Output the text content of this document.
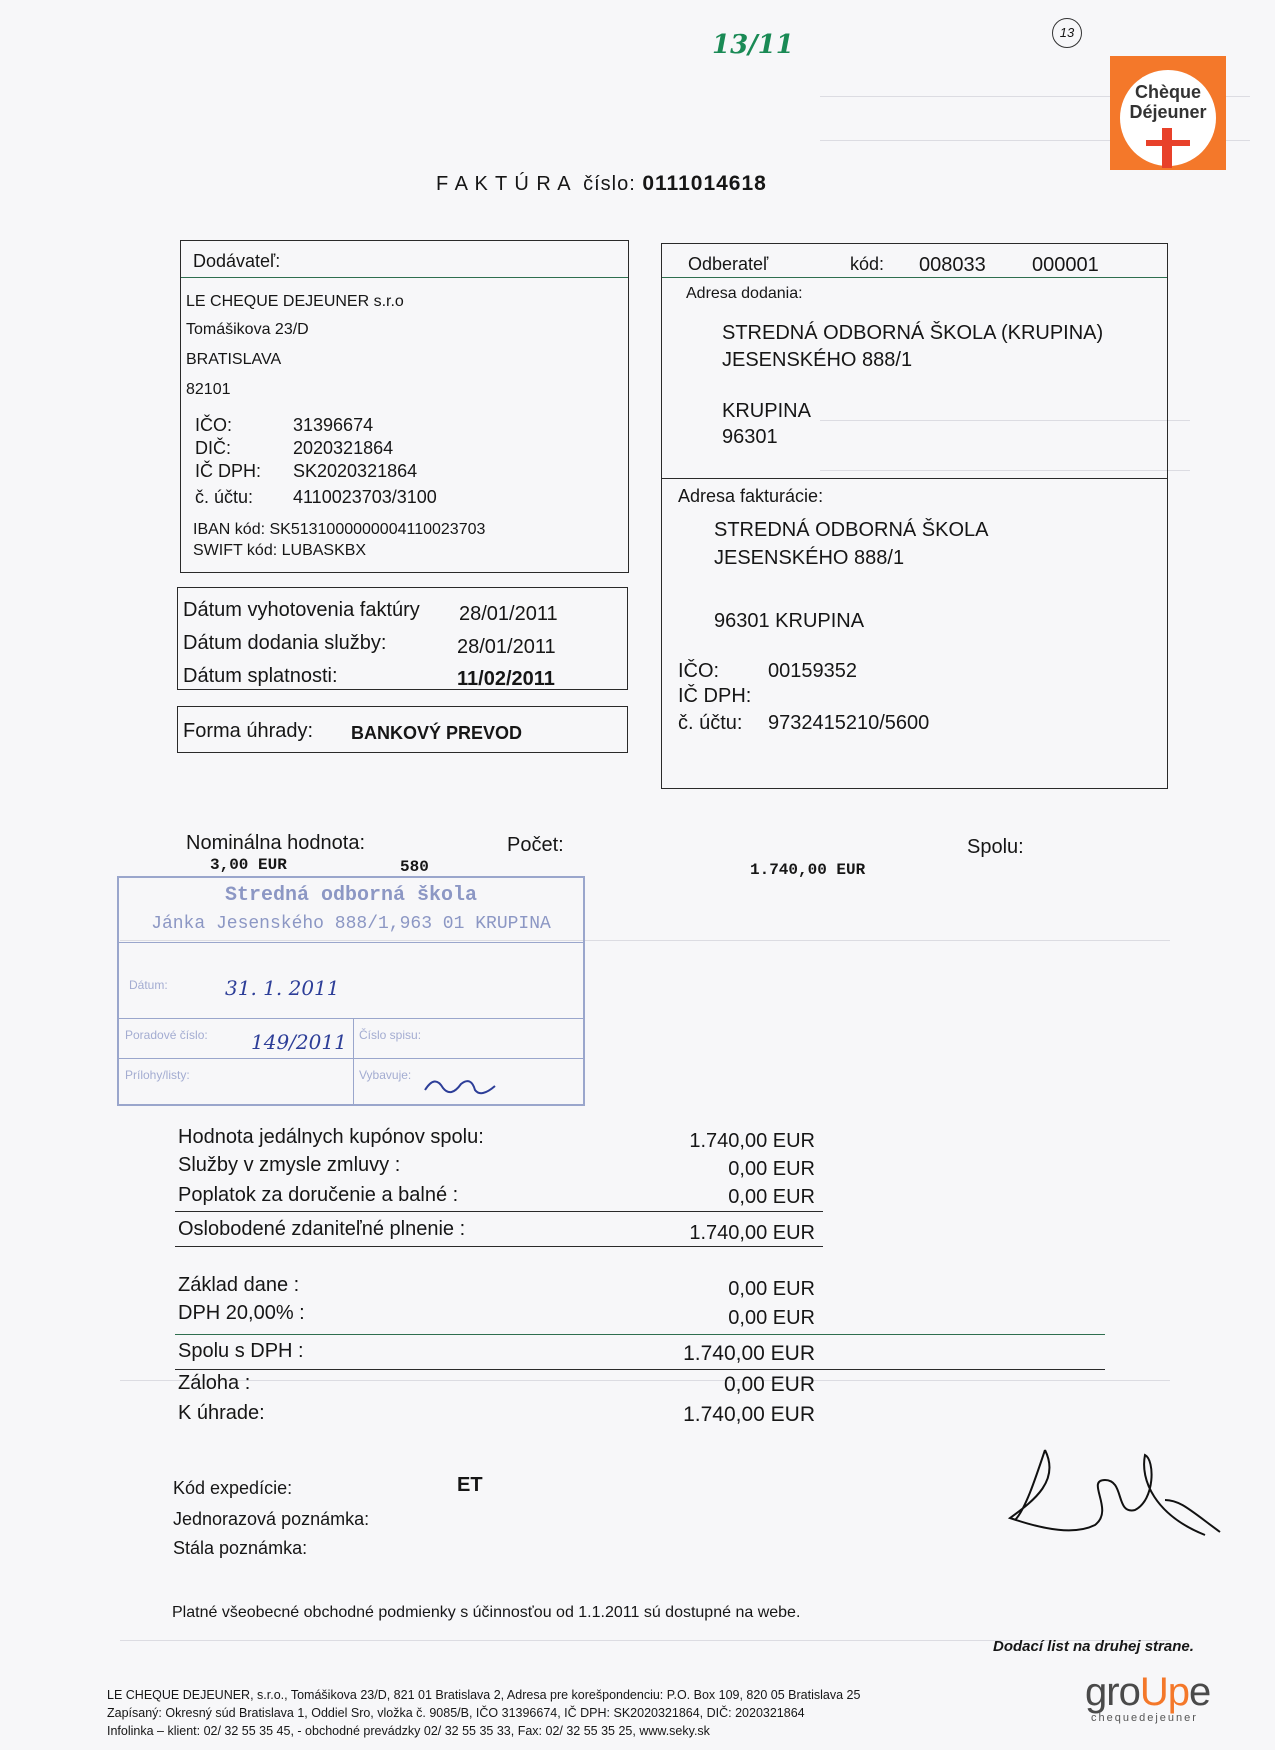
13/11	13
Chèque
Déjeuner
F A K T Ú R A číslo: 0111014618
Dodávateľ:
LE CHEQUE DEJEUNER s.r.o
Tomášikova 23/D
BRATISLAVA
82101
IČO:	31396674
DIČ:	2020321864
IČ DPH: SK2020321864
č. účtu: 4110023703/3100
IBAN kód: SK5131000000004110023703
SWIFT kód: LUBASKBX
Odberateľ	kód: 008033 000001
Adresa dodania:
STREDNÁ ODBORNÁ ŠKOLA (KRUPINA)
JESENSKÉHO 888/1
KRUPINA
96301
Adresa fakturácie:
STREDNÁ ODBORNÁ ŠKOLA
JESENSKÉHO 888/1
96301 KRUPINA
IČO: 00159352
IČ DPH:
č. účtu: 9732415210/5600
Dátum vyhotovenia faktúry 28/01/2011
Dátum dodania služby:	28/01/2011
Dátum splatnosti:	11/02/2011
Forma úhrady: BANKOVÝ PREVOD
Nominálna hodnota:	Počet:	Spolu:
3,00 EUR	580	1.740,00 EUR
Stredná odborná škola
Jánka Jesenského 888/1,963 01 KRUPINA
Dátum:	31. 1. 2011
Poradové číslo: 149/2011 Číslo spisu:
Prílohy/listy:	Vybavuje:
Hodnota jedálnych kupónov spolu:	1.740,00 EUR
Služby v zmysle zmluvy :	0,00 EUR
Poplatok za doručenie a balné :	0,00 EUR
Oslobodené zdaniteľné plnenie :	1.740,00 EUR
Základ dane :	0,00 EUR
DPH 20,00% :	0,00 EUR
Spolu s DPH :	1.740,00 EUR
Záloha :	0,00 EUR
K úhrade:	1.740,00 EUR
Kód expedície:	ET
Jednorazová poznámka:
Stála poznámka:
Platné všeobecné obchodné podmienky s účinnosťou od 1.1.2011 sú dostupné na webe.
Dodací list na druhej strane.
LE CHEQUE DEJEUNER, s.r.o., Tomášikova 23/D, 821 01 Bratislava 2, Adresa pre korešpondenciu: P.O. Box 109, 820 05 Bratislava 25
Zapísaný: Okresný súd Bratislava 1, Oddiel Sro, vložka č. 9085/B, IČO 31396674, IČ DPH: SK2020321864, DIČ: 2020321864
Infolinka – klient: 02/ 32 55 35 45, - obchodné prevádzky 02/ 32 55 35 33, Fax: 02/ 32 55 35 25, www.seky.sk
groUpe
chequedejeuner
